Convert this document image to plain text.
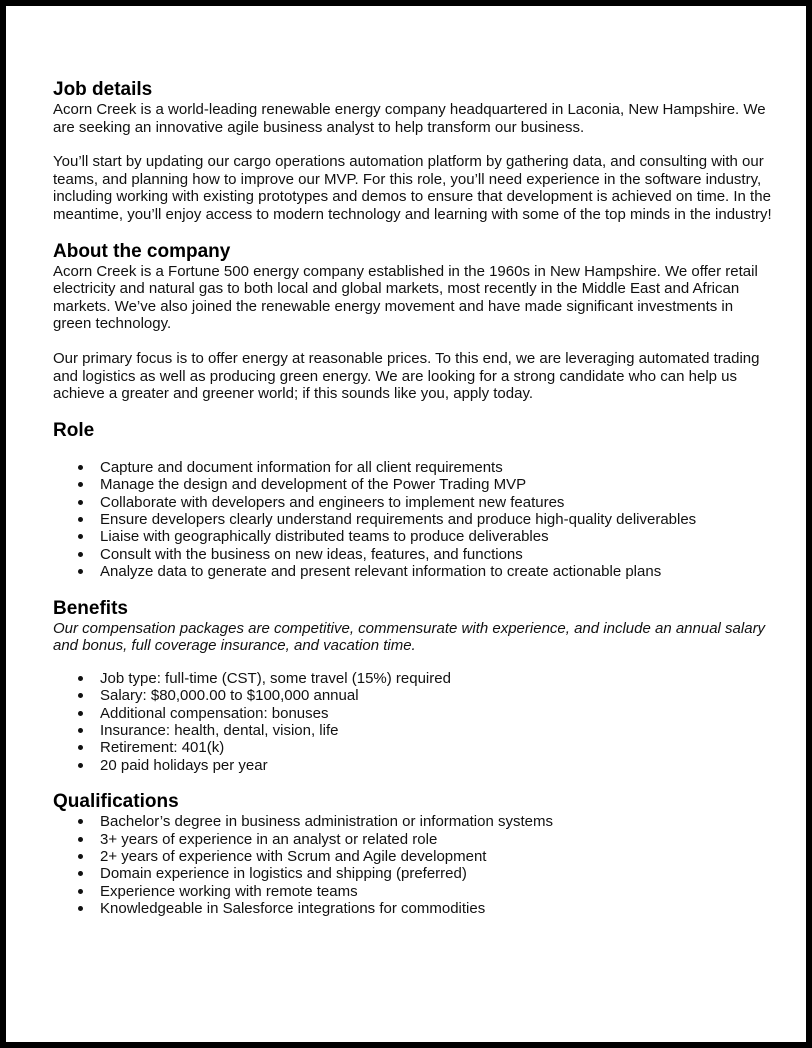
Job details

Acorn Creek is a world-leading renewable energy company headquartered in Laconia, New Hampshire. We are seeking an innovative agile business analyst to help transform our business.

You’ll start by updating our cargo operations automation platform by gathering data, and consulting with our teams, and planning how to improve our MVP. For this role, you’ll need experience in the software industry, including working with existing prototypes and demos to ensure that development is achieved on time. In the meantime, you’ll enjoy access to modern technology and learning with some of the top minds in the industry!

About the company

Acorn Creek is a Fortune 500 energy company established in the 1960s in New Hampshire. We offer retail electricity and natural gas to both local and global markets, most recently in the Middle East and African markets. We’ve also joined the renewable energy movement and have made significant investments in green technology.

Our primary focus is to offer energy at reasonable prices. To this end, we are leveraging automated trading and logistics as well as producing green energy. We are looking for a strong candidate who can help us achieve a greater and greener world; if this sounds like you, apply today.

Role
Capture and document information for all client requirements
Manage the design and development of the Power Trading MVP
Collaborate with developers and engineers to implement new features
Ensure developers clearly understand requirements and produce high-quality deliverables
Liaise with geographically distributed teams to produce deliverables
Consult with the business on new ideas, features, and functions
Analyze data to generate and present relevant information to create actionable plans
Benefits

Our compensation packages are competitive, commensurate with experience, and include an annual salary and bonus, full coverage insurance, and vacation time.

Job type: full-time (CST), some travel (15%) required
Salary: $80,000.00 to $100,000 annual
Additional compensation: bonuses
Insurance: health, dental, vision, life
Retirement: 401(k)
20 paid holidays per year
Qualifications
Bachelor’s degree in business administration or information systems
3+ years of experience in an analyst or related role
2+ years of experience with Scrum and Agile development
Domain experience in logistics and shipping (preferred)
Experience working with remote teams
Knowledgeable in Salesforce integrations for commodities
